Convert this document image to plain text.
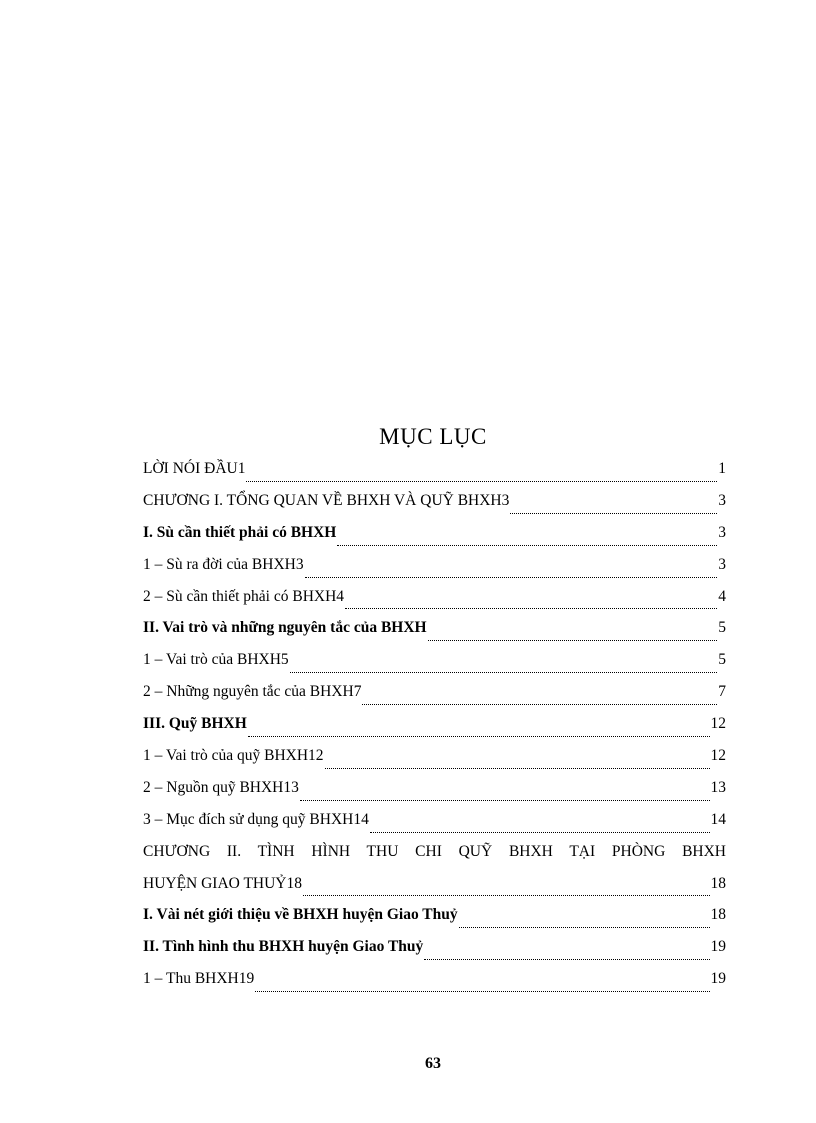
MỤC LỤC
LỜI NÓI ĐẦU1	1
CHƯƠNG I. TỔNG QUAN VỀ BHXH VÀ QUỸ BHXH3	3
I. Sù cần thiết phải có BHXH	3
1 – Sù ra đời của BHXH3	3
2 – Sù cần thiết phải có BHXH4	4
II. Vai trò và những nguyên tắc của BHXH	5
1 – Vai trò của BHXH5	5
2 – Những nguyên tắc của BHXH7	7
III. Quỹ BHXH	12
1 – Vai trò của quỹ BHXH12	12
2 – Nguồn quỹ BHXH13	13
3 – Mục đích sử dụng quỹ BHXH14	14
CHƯƠNG II. TÌNH HÌNH THU CHI QUỸ BHXH TẠI PHÒNG BHXH
HUYỆN GIAO THUỶ18	18
I. Vài nét giới thiệu về BHXH huyện Giao Thuỷ	18
II. Tình hình thu BHXH huyện Giao Thuỷ	19
1 – Thu BHXH19	19
63
